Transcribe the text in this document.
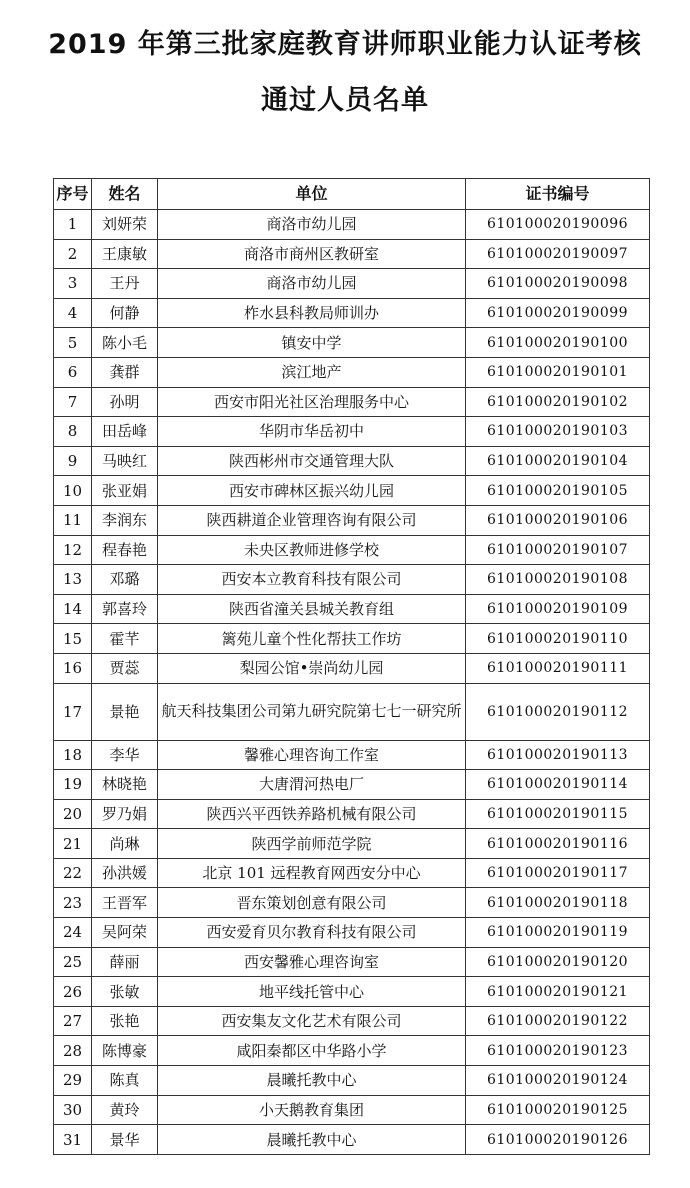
2019 年第三批家庭教育讲师职业能力认证考核
通过人员名单
序号	姓名	单位	证书编号
1	刘妍荣	商洛市幼儿园	610100020190096
2	王康敏	商洛市商州区教研室	610100020190097
3	王丹	商洛市幼儿园	610100020190098
4	何静	柞水县科教局师训办	610100020190099
5	陈小毛	镇安中学	610100020190100
6	龚群	滨江地产	610100020190101
7	孙明	西安市阳光社区治理服务中心	610100020190102
8	田岳峰	华阴市华岳初中	610100020190103
9	马映红	陕西彬州市交通管理大队	610100020190104
10	张亚娟	西安市碑林区振兴幼儿园	610100020190105
11	李润东	陕西耕道企业管理咨询有限公司	610100020190106
12	程春艳	未央区教师进修学校	610100020190107
13	邓璐	西安本立教育科技有限公司	610100020190108
14	郭喜玲	陕西省潼关县城关教育组	610100020190109
15	霍芊	篱苑儿童个性化帮扶工作坊	610100020190110
16	贾蕊	梨园公馆•崇尚幼儿园	610100020190111
17	景艳	航天科技集团公司第九研究院第七七一研究所	610100020190112
18	李华	馨雅心理咨询工作室	610100020190113
19	林晓艳	大唐渭河热电厂	610100020190114
20	罗乃娟	陕西兴平西铁养路机械有限公司	610100020190115
21	尚琳	陕西学前师范学院	610100020190116
22	孙洪媛	北京 101 远程教育网西安分中心	610100020190117
23	王晋军	晋东策划创意有限公司	610100020190118
24	吴阿荣	西安爱育贝尔教育科技有限公司	610100020190119
25	薛丽	西安馨雅心理咨询室	610100020190120
26	张敏	地平线托管中心	610100020190121
27	张艳	西安集友文化艺术有限公司	610100020190122
28	陈博豪	咸阳秦都区中华路小学	610100020190123
29	陈真	晨曦托教中心	610100020190124
30	黄玲	小天鹅教育集团	610100020190125
31	景华	晨曦托教中心	610100020190126
